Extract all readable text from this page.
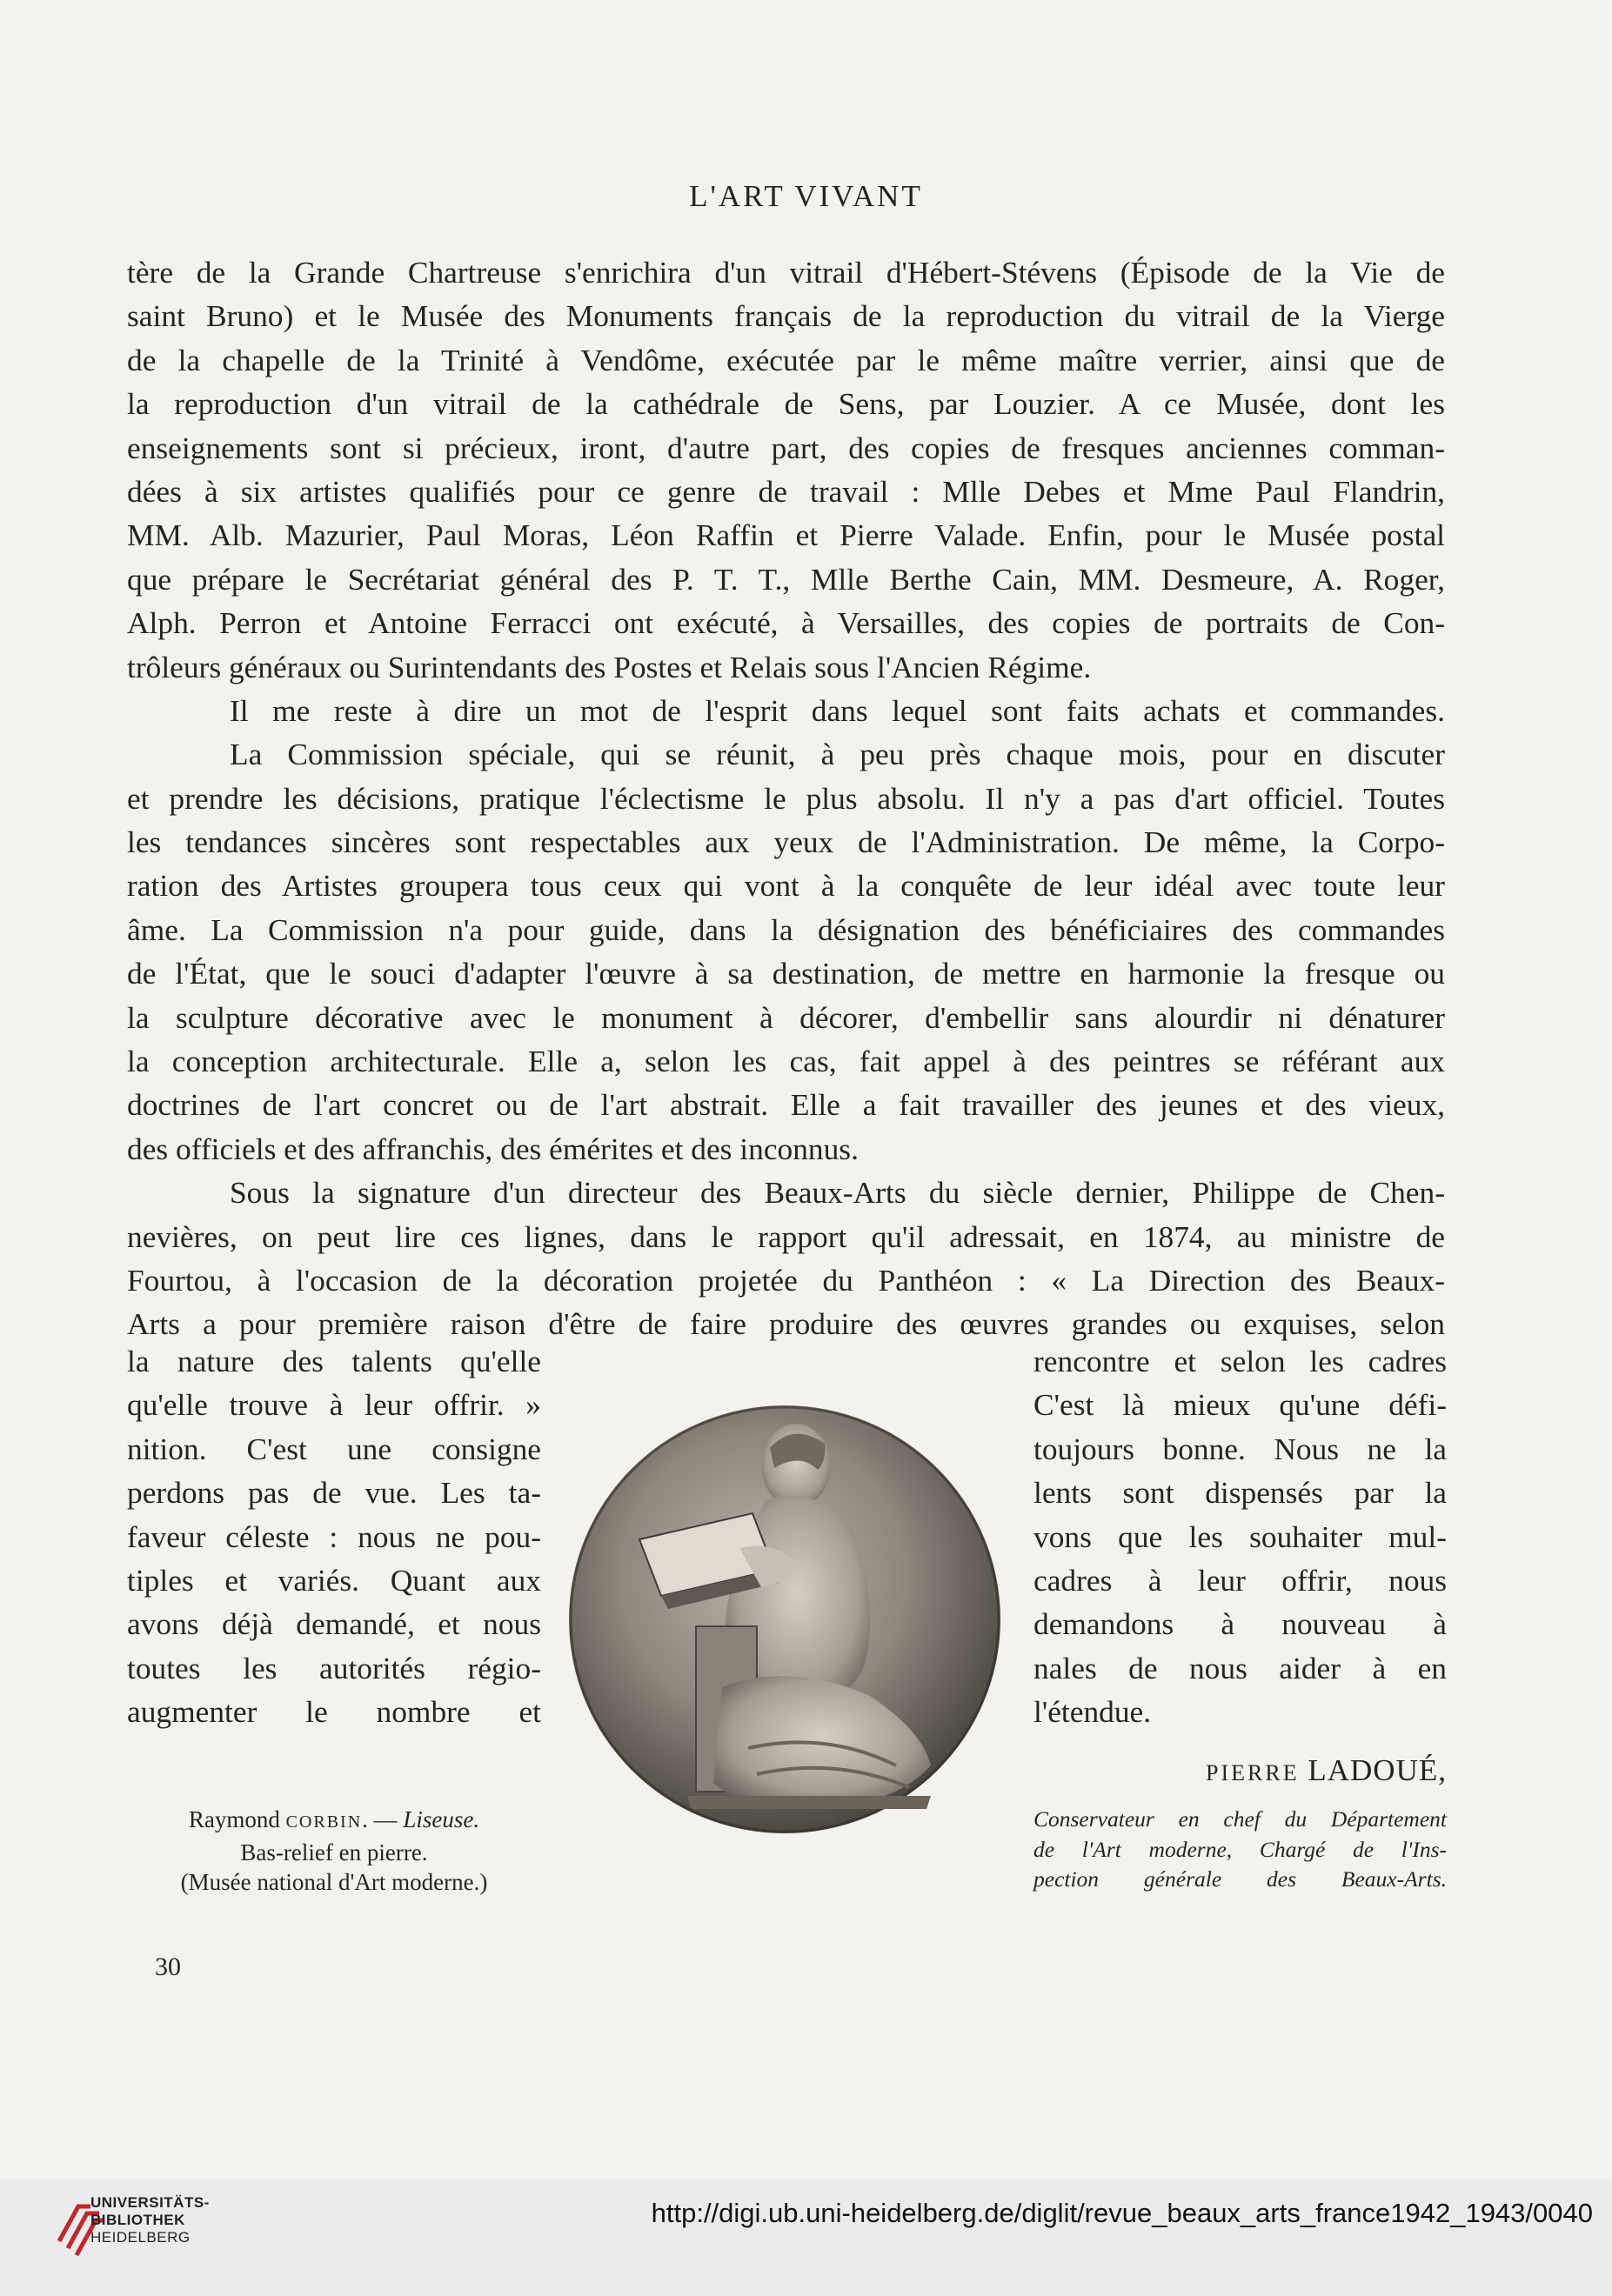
L'ART VIVANT
tère de la Grande Chartreuse s'enrichira d'un vitrail d'Hébert-Stévens (Épisode de la Vie de
saint Bruno) et le Musée des Monuments français de la reproduction du vitrail de la Vierge
de la chapelle de la Trinité à Vendôme, exécutée par le même maître verrier, ainsi que de
la reproduction d'un vitrail de la cathédrale de Sens, par Louzier. A ce Musée, dont les
enseignements sont si précieux, iront, d'autre part, des copies de fresques anciennes comman-
dées à six artistes qualifiés pour ce genre de travail : Mlle Debes et Mme Paul Flandrin,
MM. Alb. Mazurier, Paul Moras, Léon Raffin et Pierre Valade. Enfin, pour le Musée postal
que prépare le Secrétariat général des P. T. T., Mlle Berthe Cain, MM. Desmeure, A. Roger,
Alph. Perron et Antoine Ferracci ont exécuté, à Versailles, des copies de portraits de Con-
trôleurs généraux ou Surintendants des Postes et Relais sous l'Ancien Régime.
Il me reste à dire un mot de l'esprit dans lequel sont faits achats et commandes.
La Commission spéciale, qui se réunit, à peu près chaque mois, pour en discuter
et prendre les décisions, pratique l'éclectisme le plus absolu. Il n'y a pas d'art officiel. Toutes
les tendances sincères sont respectables aux yeux de l'Administration. De même, la Corpo-
ration des Artistes groupera tous ceux qui vont à la conquête de leur idéal avec toute leur
âme. La Commission n'a pour guide, dans la désignation des bénéficiaires des commandes
de l'État, que le souci d'adapter l'œuvre à sa destination, de mettre en harmonie la fresque ou
la sculpture décorative avec le monument à décorer, d'embellir sans alourdir ni dénaturer
la conception architecturale. Elle a, selon les cas, fait appel à des peintres se référant aux
doctrines de l'art concret ou de l'art abstrait. Elle a fait travailler des jeunes et des vieux,
des officiels et des affranchis, des émérites et des inconnus.
Sous la signature d'un directeur des Beaux-Arts du siècle dernier, Philippe de Chen-
nevières, on peut lire ces lignes, dans le rapport qu'il adressait, en 1874, au ministre de
Fourtou, à l'occasion de la décoration projetée du Panthéon : « La Direction des Beaux-
Arts a pour première raison d'être de faire produire des œuvres grandes ou exquises, selon
la nature des talents qu'elle
qu'elle trouve à leur offrir. »
nition. C'est une consigne
perdons pas de vue. Les ta-
faveur céleste : nous ne pou-
tiples et variés. Quant aux
avons déjà demandé, et nous
toutes les autorités régio-
augmenter le nombre et
rencontre et selon les cadres
C'est là mieux qu'une défi-
toujours bonne. Nous ne la
lents sont dispensés par la
vons que les souhaiter mul-
cadres à leur offrir, nous
demandons à nouveau à
nales de nous aider à en
l'étendue.
PIERRE LADOUÉ,
Conservateur en chef du Département
de l'Art moderne, Chargé de l'Ins-
pection générale des Beaux-Arts.
Raymond CORBIN. — Liseuse.
Bas-relief en pierre.
(Musée national d'Art moderne.)
30
UNIVERSITÄTS-
BIBLIOTHEK
HEIDELBERG
http://digi.ub.uni-heidelberg.de/diglit/revue_beaux_arts_france1942_1943/0040
